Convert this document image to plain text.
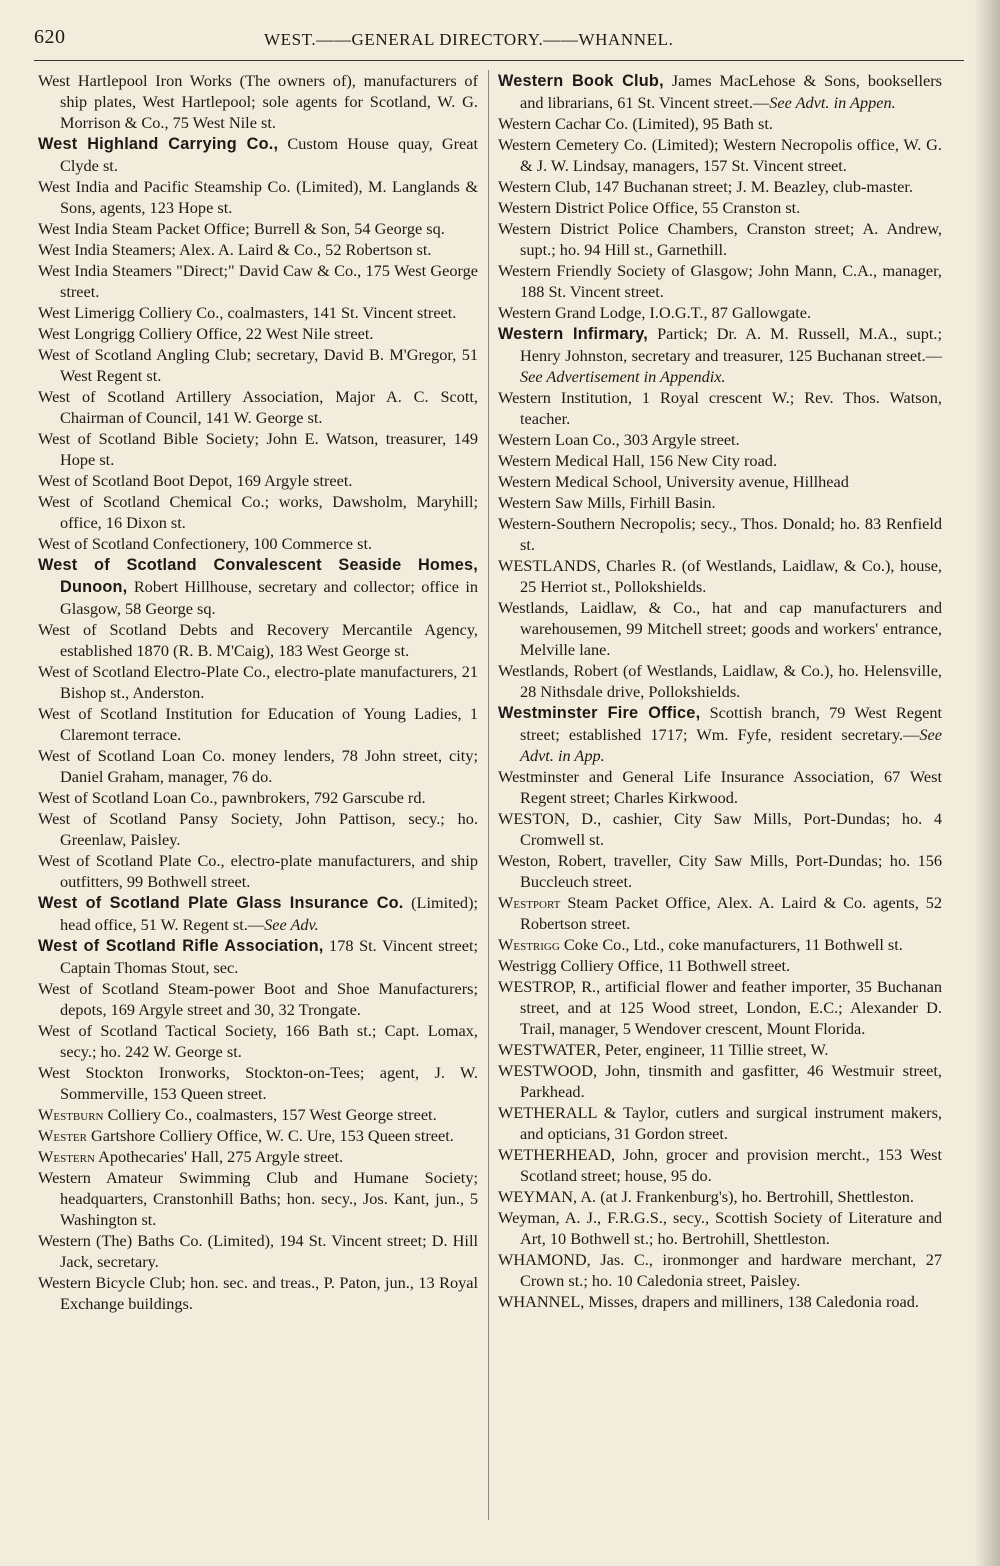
620	WEST.——GENERAL DIRECTORY.——WHANNEL.

West Hartlepool Iron Works (The owners of), manufacturers of ship plates, West Hartlepool; sole agents for Scotland, W. G. Morrison & Co., 75 West Nile st.

West Highland Carrying Co., Custom House quay, Great Clyde st.

West India and Pacific Steamship Co. (Limited), M. Langlands & Sons, agents, 123 Hope st.

West India Steam Packet Office; Burrell & Son, 54 George sq.

West India Steamers; Alex. A. Laird & Co., 52 Robertson st.

West India Steamers "Direct;" David Caw & Co., 175 West George street.

West Limerigg Colliery Co., coalmasters, 141 St. Vincent street.

West Longrigg Colliery Office, 22 West Nile street.

West of Scotland Angling Club; secretary, David B. M'Gregor, 51 West Regent st.

West of Scotland Artillery Association, Major A. C. Scott, Chairman of Council, 141 W. George st.

West of Scotland Bible Society; John E. Watson, treasurer, 149 Hope st.

West of Scotland Boot Depot, 169 Argyle street.

West of Scotland Chemical Co.; works, Dawsholm, Maryhill; office, 16 Dixon st.

West of Scotland Confectionery, 100 Commerce st.

West of Scotland Convalescent Seaside Homes, Dunoon, Robert Hillhouse, secretary and collector; office in Glasgow, 58 George sq.

West of Scotland Debts and Recovery Mercantile Agency, established 1870 (R. B. M'Caig), 183 West George st.

West of Scotland Electro-Plate Co., electro-plate manufacturers, 21 Bishop st., Anderston.

West of Scotland Institution for Education of Young Ladies, 1 Claremont terrace.

West of Scotland Loan Co. money lenders, 78 John street, city; Daniel Graham, manager, 76 do.

West of Scotland Loan Co., pawnbrokers, 792 Garscube rd.

West of Scotland Pansy Society, John Pattison, secy.; ho. Greenlaw, Paisley.

West of Scotland Plate Co., electro-plate manufacturers, and ship outfitters, 99 Bothwell street.

West of Scotland Plate Glass Insurance Co. (Limited); head office, 51 W. Regent st.—See Adv.

West of Scotland Rifle Association, 178 St. Vincent street; Captain Thomas Stout, sec.

West of Scotland Steam-power Boot and Shoe Manufacturers; depots, 169 Argyle street and 30, 32 Trongate.

West of Scotland Tactical Society, 166 Bath st.; Capt. Lomax, secy.; ho. 242 W. George st.

West Stockton Ironworks, Stockton-on-Tees; agent, J. W. Sommerville, 153 Queen street.

Westburn Colliery Co., coalmasters, 157 West George street.

Wester Gartshore Colliery Office, W. C. Ure, 153 Queen street.

Western Apothecaries' Hall, 275 Argyle street.

Western Amateur Swimming Club and Humane Society; headquarters, Cranstonhill Baths; hon. secy., Jos. Kant, jun., 5 Washington st.

Western (The) Baths Co. (Limited), 194 St. Vincent street; D. Hill Jack, secretary.

Western Bicycle Club; hon. sec. and treas., P. Paton, jun., 13 Royal Exchange buildings.

Western Book Club, James MacLehose & Sons, booksellers and librarians, 61 St. Vincent street.—See Advt. in Appen.

Western Cachar Co. (Limited), 95 Bath st.

Western Cemetery Co. (Limited); Western Necropolis office, W. G. & J. W. Lindsay, managers, 157 St. Vincent street.

Western Club, 147 Buchanan street; J. M. Beazley, club-master.

Western District Police Office, 55 Cranston st.

Western District Police Chambers, Cranston street; A. Andrew, supt.; ho. 94 Hill st., Garnethill.

Western Friendly Society of Glasgow; John Mann, C.A., manager, 188 St. Vincent street.

Western Grand Lodge, I.O.G.T., 87 Gallowgate.

Western Infirmary, Partick; Dr. A. M. Russell, M.A., supt.; Henry Johnston, secretary and treasurer, 125 Buchanan street.—See Advertisement in Appendix.

Western Institution, 1 Royal crescent W.; Rev. Thos. Watson, teacher.

Western Loan Co., 303 Argyle street.

Western Medical Hall, 156 New City road.

Western Medical School, University avenue, Hillhead

Western Saw Mills, Firhill Basin.

Western-Southern Necropolis; secy., Thos. Donald; ho. 83 Renfield st.

WESTLANDS, Charles R. (of Westlands, Laidlaw, & Co.), house, 25 Herriot st., Pollokshields.

Westlands, Laidlaw, & Co., hat and cap manufacturers and warehousemen, 99 Mitchell street; goods and workers' entrance, Melville lane.

Westlands, Robert (of Westlands, Laidlaw, & Co.), ho. Helensville, 28 Nithsdale drive, Pollokshields.

Westminster Fire Office, Scottish branch, 79 West Regent street; established 1717; Wm. Fyfe, resident secretary.—See Advt. in App.

Westminster and General Life Insurance Association, 67 West Regent street; Charles Kirkwood.

WESTON, D., cashier, City Saw Mills, Port-Dundas; ho. 4 Cromwell st.

Weston, Robert, traveller, City Saw Mills, Port-Dundas; ho. 156 Buccleuch street.

Westport Steam Packet Office, Alex. A. Laird & Co. agents, 52 Robertson street.

Westrigg Coke Co., Ltd., coke manufacturers, 11 Bothwell st.

Westrigg Colliery Office, 11 Bothwell street.

WESTROP, R., artificial flower and feather importer, 35 Buchanan street, and at 125 Wood street, London, E.C.; Alexander D. Trail, manager, 5 Wendover crescent, Mount Florida.

WESTWATER, Peter, engineer, 11 Tillie street, W.

WESTWOOD, John, tinsmith and gasfitter, 46 Westmuir street, Parkhead.

WETHERALL & Taylor, cutlers and surgical instrument makers, and opticians, 31 Gordon street.

WETHERHEAD, John, grocer and provision mercht., 153 West Scotland street; house, 95 do.

WEYMAN, A. (at J. Frankenburg's), ho. Bertrohill, Shettleston.

Weyman, A. J., F.R.G.S., secy., Scottish Society of Literature and Art, 10 Bothwell st.; ho. Bertrohill, Shettleston.

WHAMOND, Jas. C., ironmonger and hardware merchant, 27 Crown st.; ho. 10 Caledonia street, Paisley.

WHANNEL, Misses, drapers and milliners, 138 Caledonia road.
